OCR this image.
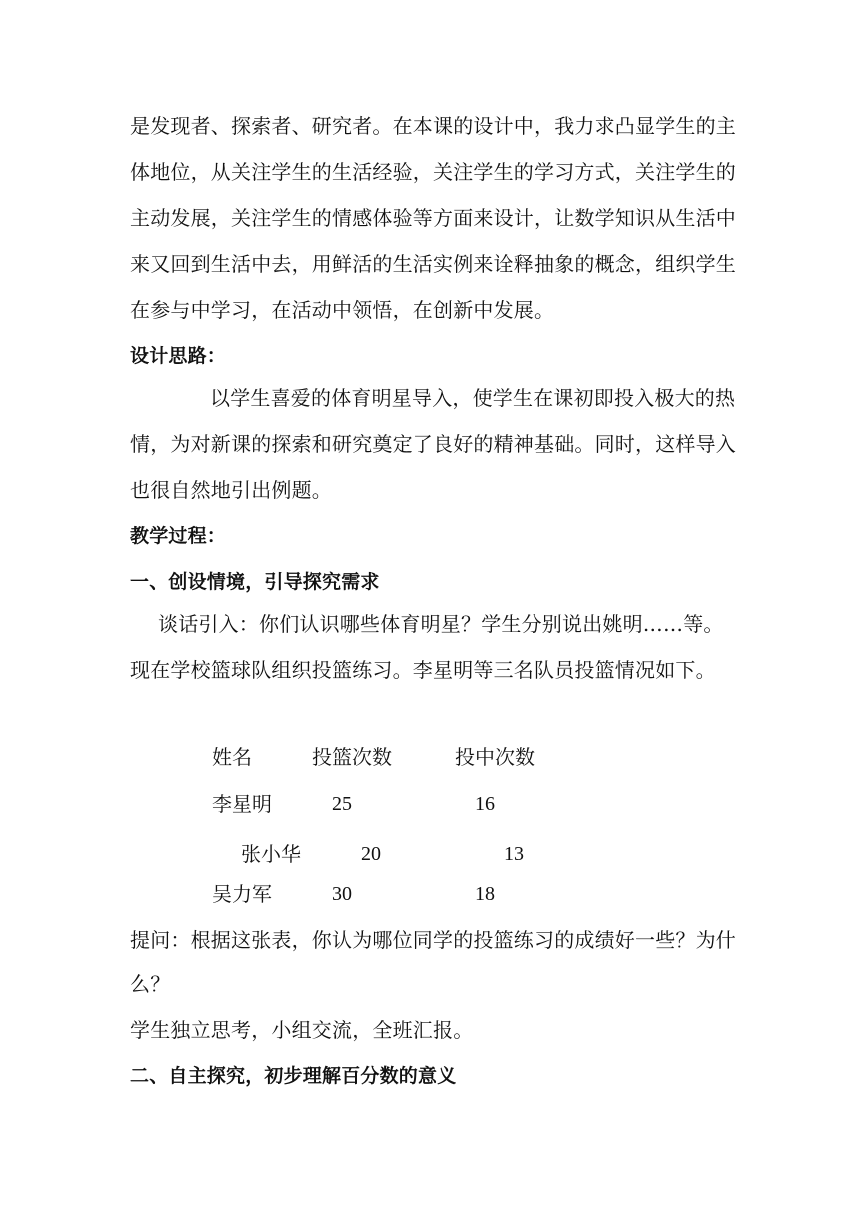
是发现者、探索者、研究者。在本课的设计中，我力求凸显学生的主
体地位，从关注学生的生活经验，关注学生的学习方式，关注学生的
主动发展，关注学生的情感体验等方面来设计，让数学知识从生活中
来又回到生活中去，用鲜活的生活实例来诠释抽象的概念，组织学生
在参与中学习，在活动中领悟，在创新中发展。
设计思路：
以学生喜爱的体育明星导入，使学生在课初即投入极大的热
情，为对新课的探索和研究奠定了良好的精神基础。同时，这样导入
也很自然地引出例题。
教学过程：
一、创设情境，引导探究需求
谈话引入：你们认识哪些体育明星？学生分别说出姚明……等。
现在学校篮球队组织投篮练习。李星明等三名队员投篮情况如下。
姓名	投篮次数	投中次数
李星明	25	16
张小华	20	13
吴力军	30	18
提问：根据这张表，你认为哪位同学的投篮练习的成绩好一些？为什
么？
学生独立思考，小组交流，全班汇报。
二、自主探究，初步理解百分数的意义
